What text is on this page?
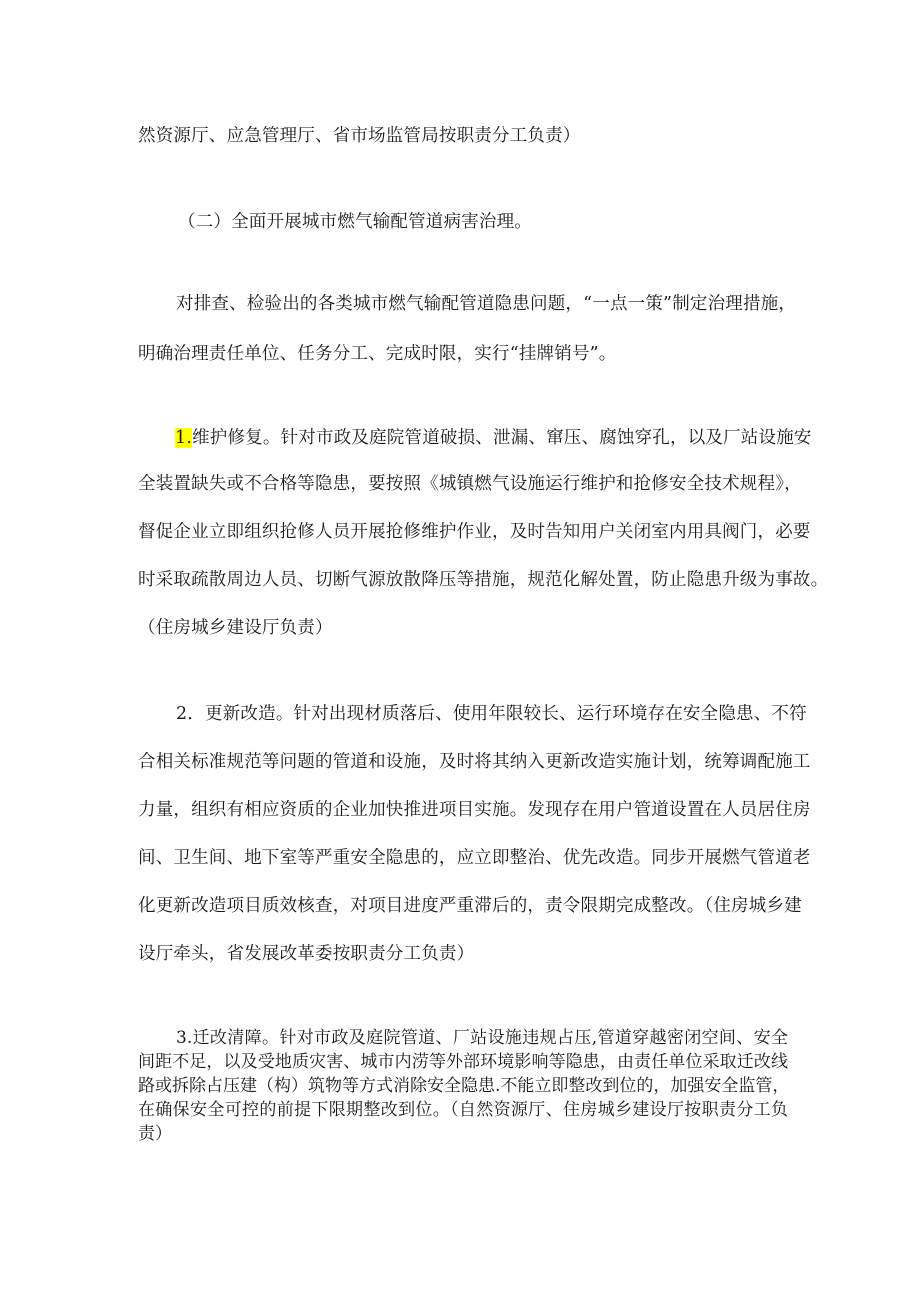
然资源厅、应急管理厅、省市场监管局按职责分工负责）
（二）全面开展城市燃气输配管道病害治理。
对排查、检验出的各类城市燃气输配管道隐患问题，“一点一策”制定治理措施，
明确治理责任单位、任务分工、完成时限，实行“挂牌销号”。
1.维护修复。针对市政及庭院管道破损、泄漏、窜压、腐蚀穿孔，以及厂站设施安
全装置缺失或不合格等隐患，要按照《城镇燃气设施运行维护和抢修安全技术规程》，
督促企业立即组织抢修人员开展抢修维护作业，及时告知用户关闭室内用具阀门，必要
时采取疏散周边人员、切断气源放散降压等措施，规范化解处置，防止隐患升级为事故。
（住房城乡建设厅负责）
2．更新改造。针对出现材质落后、使用年限较长、运行环境存在安全隐患、不符
合相关标准规范等问题的管道和设施，及时将其纳入更新改造实施计划，统筹调配施工
力量，组织有相应资质的企业加快推进项目实施。发现存在用户管道设置在人员居住房
间、卫生间、地下室等严重安全隐患的，应立即整治、优先改造。同步开展燃气管道老
化更新改造项目质效核查，对项目进度严重滞后的，责令限期完成整改。（住房城乡建
设厅牵头，省发展改革委按职责分工负责）
3.迁改清障。针对市政及庭院管道、厂站设施违规占压,管道穿越密闭空间、安全
间距不足，以及受地质灾害、城市内涝等外部环境影响等隐患，由责任单位采取迁改线
路或拆除占压建（构）筑物等方式消除安全隐患.不能立即整改到位的，加强安全监管，
在确保安全可控的前提下限期整改到位。（自然资源厅、住房城乡建设厅按职责分工负
责）
